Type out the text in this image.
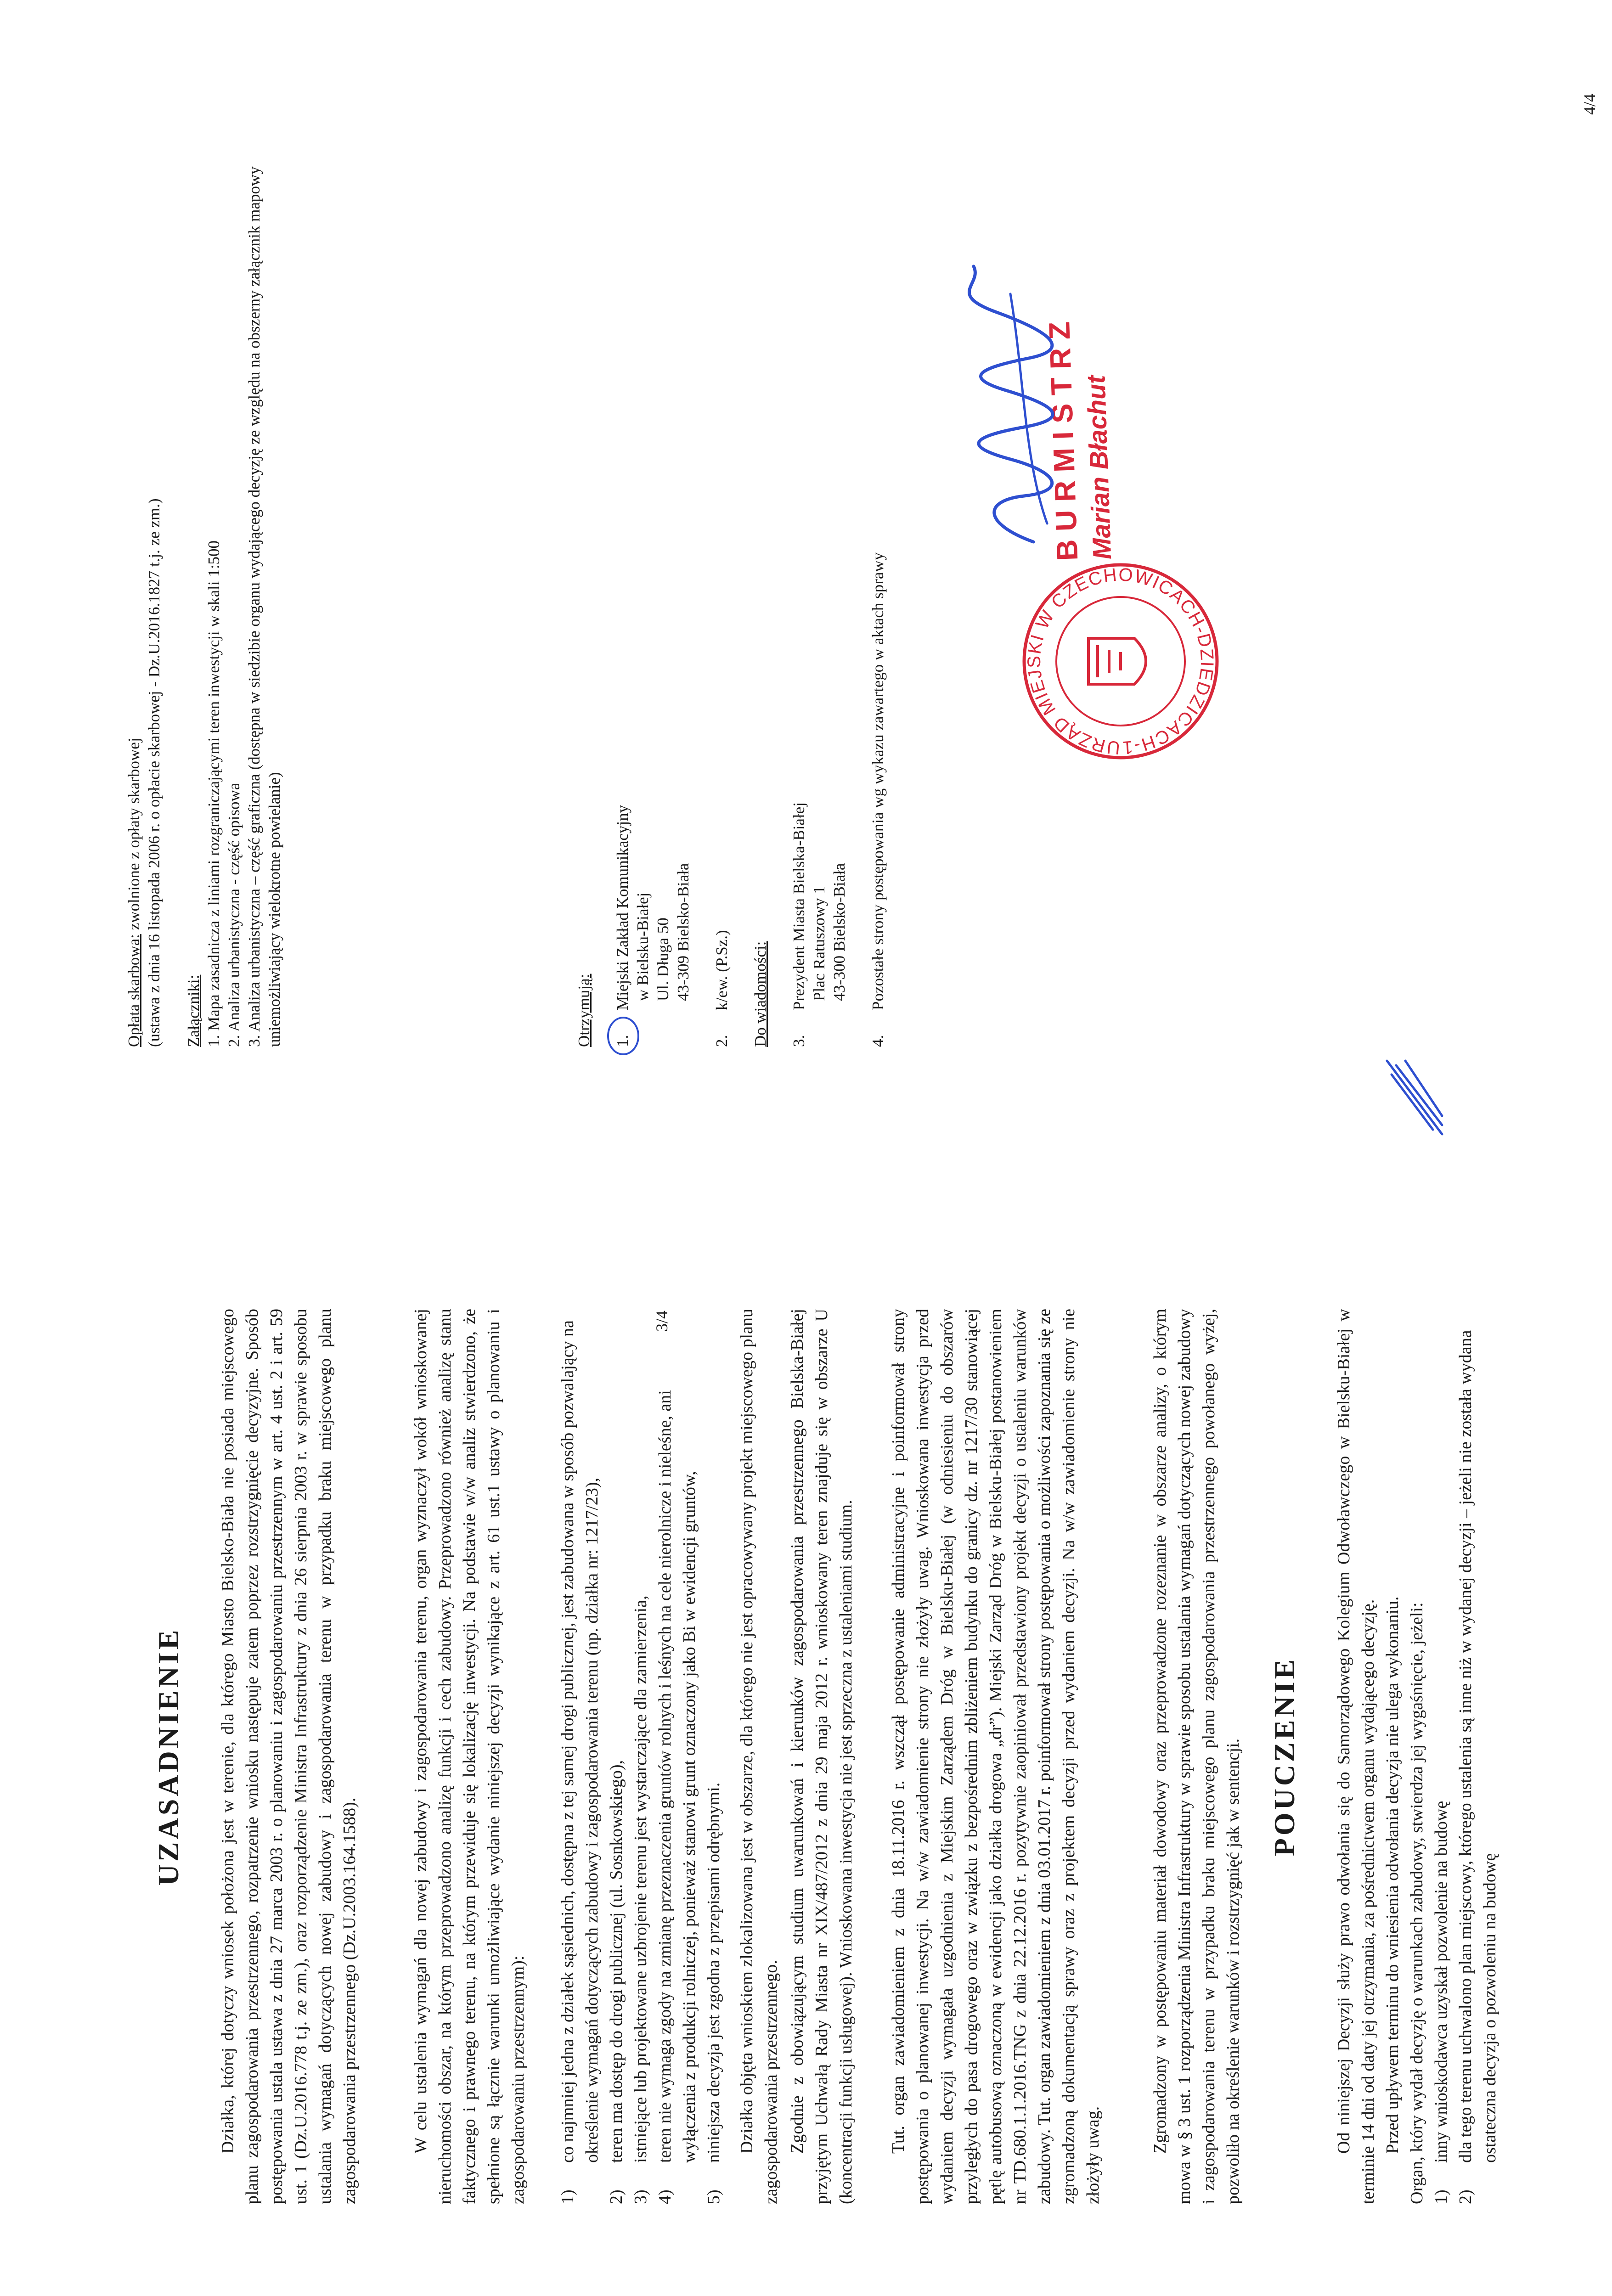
UZASADNIENIE Działka, której dotyczy wniosek położona jest w terenie, dla którego Miasto Bielsko-Biała nie posiada miejscowego planu zagospodarowania przestrzennego, rozpatrzenie wniosku następuje zatem poprzez rozstrzygnięcie decyzyjne. Sposób postępowania ustala ustawa z dnia 27 marca 2003 r. o planowaniu i zagospodarowaniu przestrzennym w art. 4 ust. 2 i art. 59 ust. 1 (Dz.U.2016.778 t.j. ze zm.), oraz rozporządzenie Ministra Infrastruktury z dnia 26 sierpnia 2003 r. w sprawie sposobu ustalania wymagań dotyczących nowej zabudowy i zagospodarowania terenu w przypadku braku miejscowego planu zagospodarowania przestrzennego (Dz.U.2003.164.1588).	W celu ustalenia wymagań dla nowej zabudowy i zagospodarowania terenu, organ wyznaczył wokół wnioskowanej nieruchomości obszar, na którym przeprowadzono analizę funkcji i cech zabudowy. Przeprowadzono również analizę stanu faktycznego i prawnego terenu, na którym przewiduje się lokalizację inwestycji. Na podstawie w/w analiz stwierdzono, że spełnione są łącznie warunki umożliwiające wydanie niniejszej decyzji wynikające z art. 61 ust.1 ustawy o planowaniu i zagospodarowaniu przestrzennym): 1)
co najmniej jedna z działek sąsiednich, dostępna z tej samej drogi publicznej, jest zabudowana w sposób pozwalający na określenie wymagań dotyczących zabudowy i zagospodarowania terenu (np. działka nr: 1217/23),
2)
teren ma dostęp do drogi publicznej (ul. Sosnkowskiego),
3)
istniejące lub projektowane uzbrojenie terenu jest wystarczające dla zamierzenia,
4)
teren nie wymaga zgody na zmianę przeznaczenia gruntów rolnych i leśnych na cele nierolnicze i nieleśne, ani wyłączenia z produkcji rolniczej, ponieważ stanowi grunt oznaczony jako Bi w ewidencji gruntów,
5)
niniejsza decyzja jest zgodna z przepisami odrębnymi. Działka objęta wnioskiem zlokalizowana jest w obszarze, dla którego nie jest opracowywany projekt miejscowego planu zagospodarowania przestrzennego. Zgodnie z obowiązującym studium uwarunkowań i kierunków zagospodarowania przestrzennego Bielska-Białej przyjętym Uchwałą Rady Miasta nr XIX/487/2012 z dnia 29 maja 2012 r. wnioskowany teren znajduje się w obszarze U (koncentracji funkcji usługowej). Wnioskowana inwestycja nie jest sprzeczna z ustaleniami studium. Tut. organ zawiadomieniem z dnia 18.11.2016 r. wszczął postępowanie administracyjne i poinformował strony postępowania o planowanej inwestycji. Na w/w zawiadomienie strony nie złożyły uwag. Wnioskowana inwestycja przed wydaniem decyzji wymagała uzgodnienia z Miejskim Zarządem Dróg w Bielsku-Białej (w odniesieniu do obszarów przyległych do pasa drogowego oraz w związku z bezpośrednim zbliżeniem budynku do granicy dz. nr 1217/30 stanowiącej pętlę autobusową oznaczoną w ewidencji jako działka drogowa „dr”). Miejski Zarząd Dróg w Bielsku-Białej postanowieniem nr TD.680.1.1.2016.TNG z dnia 22.12.2016 r. pozytywnie zaopiniował przedstawiony projekt decyzji o ustaleniu warunków zabudowy. Tut. organ zawiadomieniem z dnia 03.01.2017 r. poinformował strony postępowania o możliwości zapoznania się ze zgromadzoną dokumentacją sprawy oraz z projektem decyzji przed wydaniem decyzji. Na w/w zawiadomienie strony nie złożyły uwag.

Zgromadzony w postępowaniu materiał dowodowy oraz przeprowadzone rozeznanie w obszarze analizy, o którym mowa w § 3 ust. 1 rozporządzenia Ministra Infrastruktury w sprawie sposobu ustalania wymagań dotyczących nowej zabudowy i zagospodarowania terenu w przypadku braku miejscowego planu zagospodarowania przestrzennego powołanego wyżej, pozwoliło na określenie warunków i rozstrzygnięć jak w sentencji. POUCZENIE Od niniejszej Decyzji służy prawo odwołania się do Samorządowego Kolegium Odwoławczego w Bielsku-Białej w terminie 14 dni od daty jej otrzymania, za pośrednictwem organu wydającego decyzję. Przed upływem terminu do wniesienia odwołania decyzja nie ulega wykonaniu. Organ, który wydał decyzję o warunkach zabudowy, stwierdza jej wygaśnięcie, jeżeli: 1)
inny wnioskodawca uzyskał pozwolenie na budowę
2)
dla tego terenu uchwalono plan miejscowy, którego ustalenia są inne niż w wydanej decyzji – jeżeli nie została wydana ostateczna decyzja o pozwoleniu na budowę
3/4
Opłata skarbowa: zwolnione z opłaty skarbowej (ustawa z dnia 16 listopada 2006 r. o opłacie skarbowej - Dz.U.2016.1827 t.j. ze zm.) Załączniki: 1. Mapa zasadnicza z liniami rozgraniczającymi teren inwestycji w skali 1:500 2. Analiza urbanistyczna - część opisowa 3. Analiza urbanistyczna – część graficzna (dostępna w siedzibie organu wydającego decyzję ze względu na obszerny załącznik mapowy uniemożliwiający wielokrotne powielanie)	Otrzymują: 1.
Miejski Zakład Komunikacyjny w Bielsku-Białej Ul. Długa 50 43-309 Bielsko-Biała
2.
k/ew. (P.Sz.) Do wiadomości: 3.
Prezydent Miasta Bielska-Białej Plac Ratuszowy 1 43-300 Bielsko-Biała
4.
Pozostałe strony postępowania wg wykazu zawartego w aktach sprawy	URZĄD MIEJSKI W CZECHOWICACH-DZIEDZICACH-1
BURMISTRZ
Marian Błachut
4/4
